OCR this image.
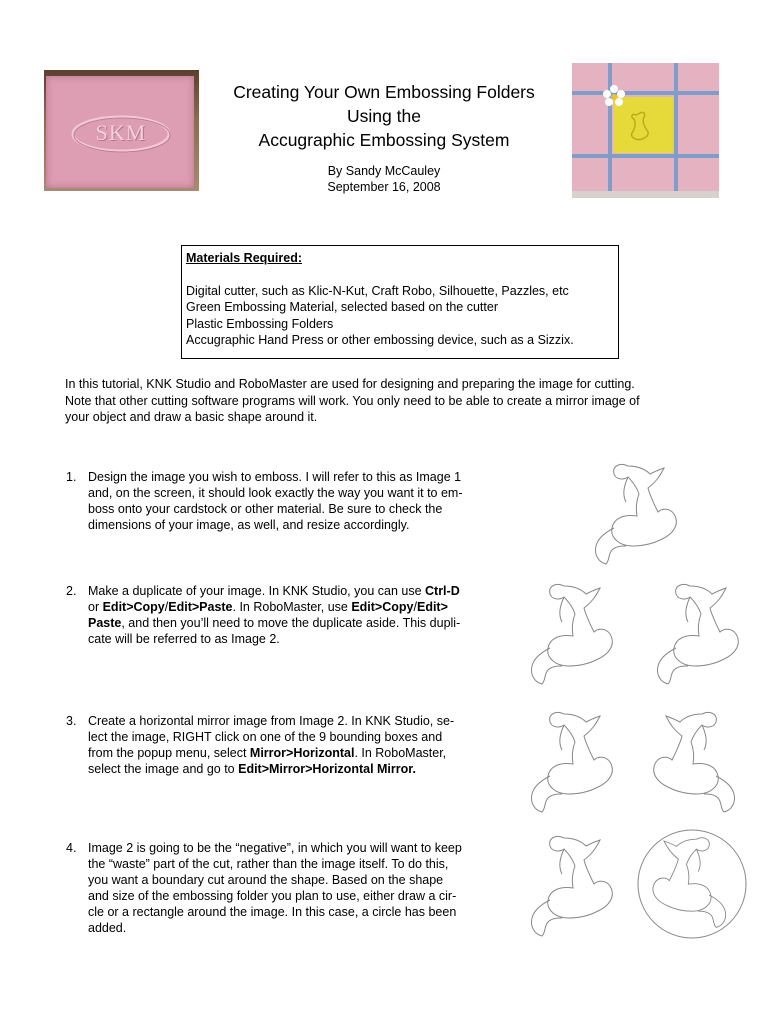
SKM
Creating Your Own Embossing Folders
Using the
Accugraphic Embossing System
By Sandy McCauley
September 16, 2008
Materials Required:
Digital cutter, such as Klic-N-Kut, Craft Robo, Silhouette, Pazzles, etc
Green Embossing Material, selected based on the cutter
Plastic Embossing Folders
Accugraphic Hand Press or other embossing device, such as a Sizzix.
In this tutorial, KNK Studio and RoboMaster are used for designing and preparing the image for cutting.
Note that other cutting software programs will work. You only need to be able to create a mirror image of
your object and draw a basic shape around it.
1. Design the image you wish to emboss. I will refer to this as Image 1
and, on the screen, it should look exactly the way you want it to em-
boss onto your cardstock or other material. Be sure to check the
dimensions of your image, as well, and resize accordingly.
2. Make a duplicate of your image. In KNK Studio, you can use Ctrl-D
or Edit>Copy/Edit>Paste. In RoboMaster, use Edit>Copy/Edit>
Paste, and then you’ll need to move the duplicate aside. This dupli-
cate will be referred to as Image 2.
3. Create a horizontal mirror image from Image 2. In KNK Studio, se-
lect the image, RIGHT click on one of the 9 bounding boxes and
from the popup menu, select Mirror>Horizontal. In RoboMaster,
select the image and go to Edit>Mirror>Horizontal Mirror.
4. Image 2 is going to be the “negative”, in which you will want to keep
the “waste” part of the cut, rather than the image itself. To do this,
you want a boundary cut around the shape. Based on the shape
and size of the embossing folder you plan to use, either draw a cir-
cle or a rectangle around the image. In this case, a circle has been
added.
